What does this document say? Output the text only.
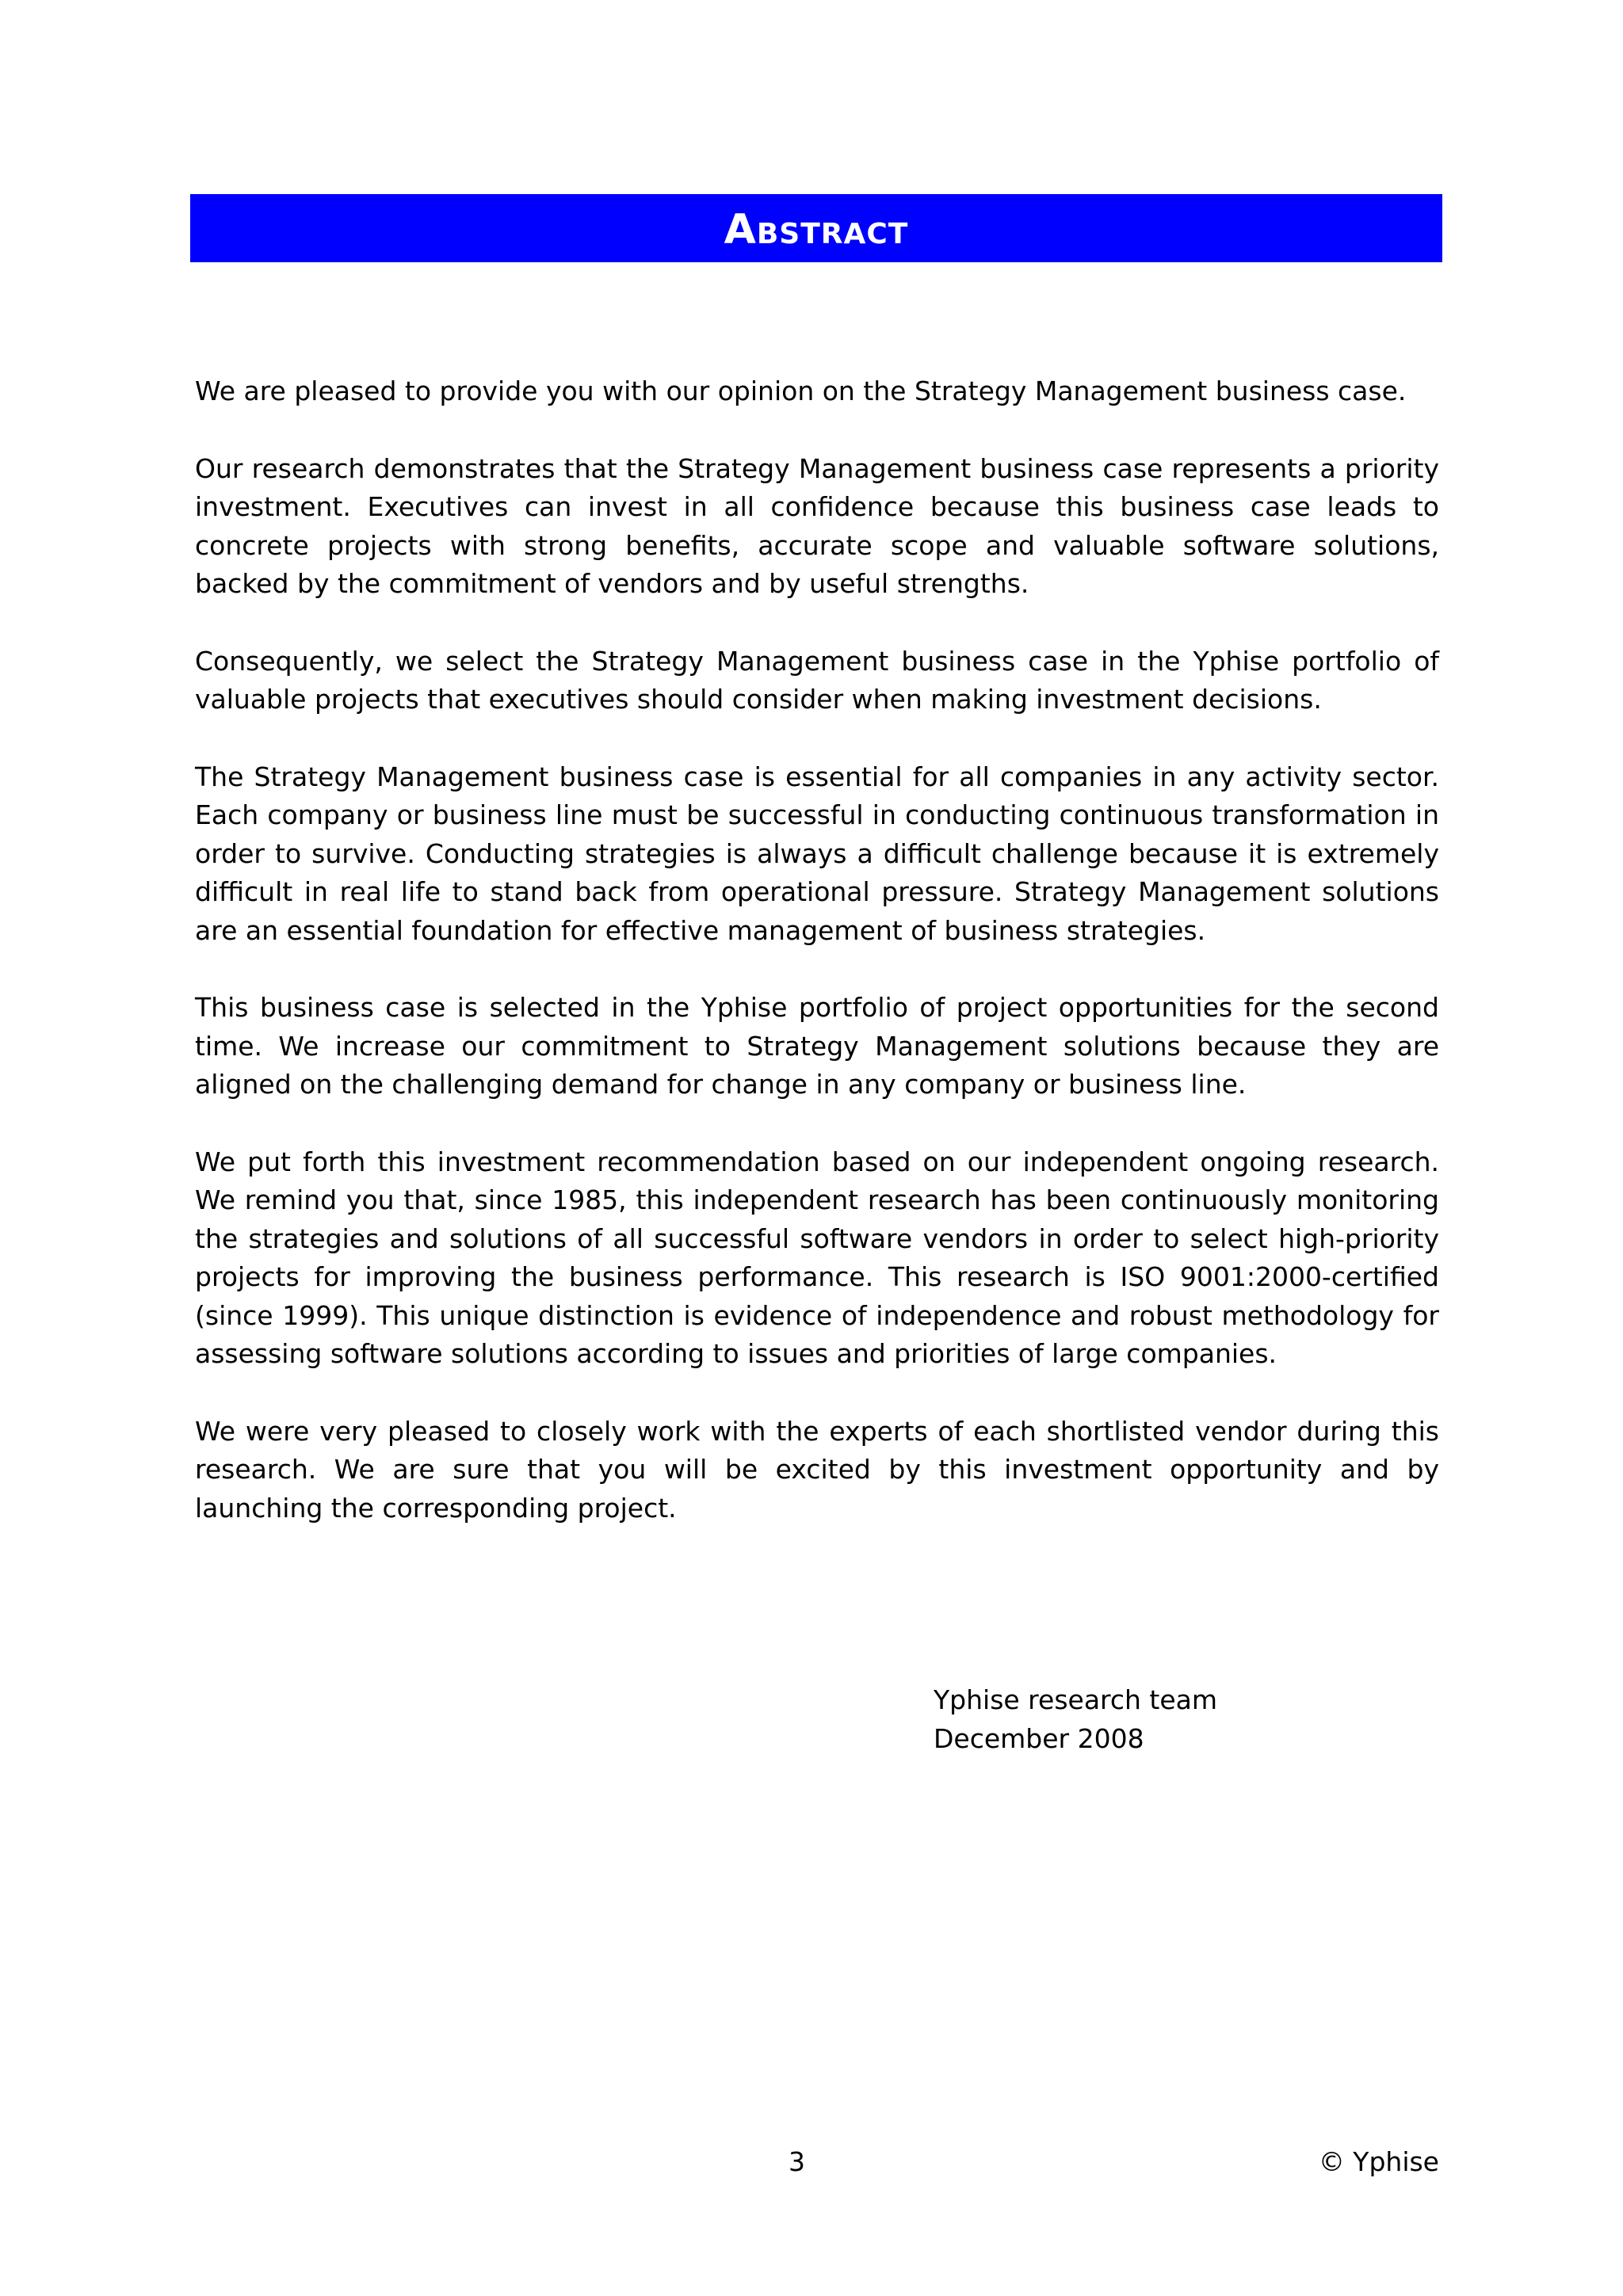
Abstract

We are pleased to provide you with our opinion on the Strategy Management business case.

Our research demonstrates that the Strategy Management business case represents a priority investment. Executives can invest in all confidence because this business case leads to concrete projects with strong benefits, accurate scope and valuable software solutions, backed by the commitment of vendors and by useful strengths.

Consequently, we select the Strategy Management business case in the Yphise portfolio of valuable projects that executives should consider when making investment decisions.

The Strategy Management business case is essential for all companies in any activity sector. Each company or business line must be successful in conducting continuous transformation in order to survive. Conducting strategies is always a difficult challenge because it is extremely difficult in real life to stand back from operational pressure. Strategy Management solutions are an essential foundation for effective management of business strategies.

This business case is selected in the Yphise portfolio of project opportunities for the second time. We increase our commitment to Strategy Management solutions because they are aligned on the challenging demand for change in any company or business line.

We put forth this investment recommendation based on our independent ongoing research. We remind you that, since 1985, this independent research has been continuously monitoring the strategies and solutions of all successful software vendors in order to select high-priority projects for improving the business performance. This research is ISO 9001:2000-certified (since 1999). This unique distinction is evidence of independence and robust methodology for assessing software solutions according to issues and priorities of large companies.

We were very pleased to closely work with the experts of each shortlisted vendor during this research. We are sure that you will be excited by this investment opportunity and by launching the corresponding project.

Yphise research team
December 2008
3	© Yphise
